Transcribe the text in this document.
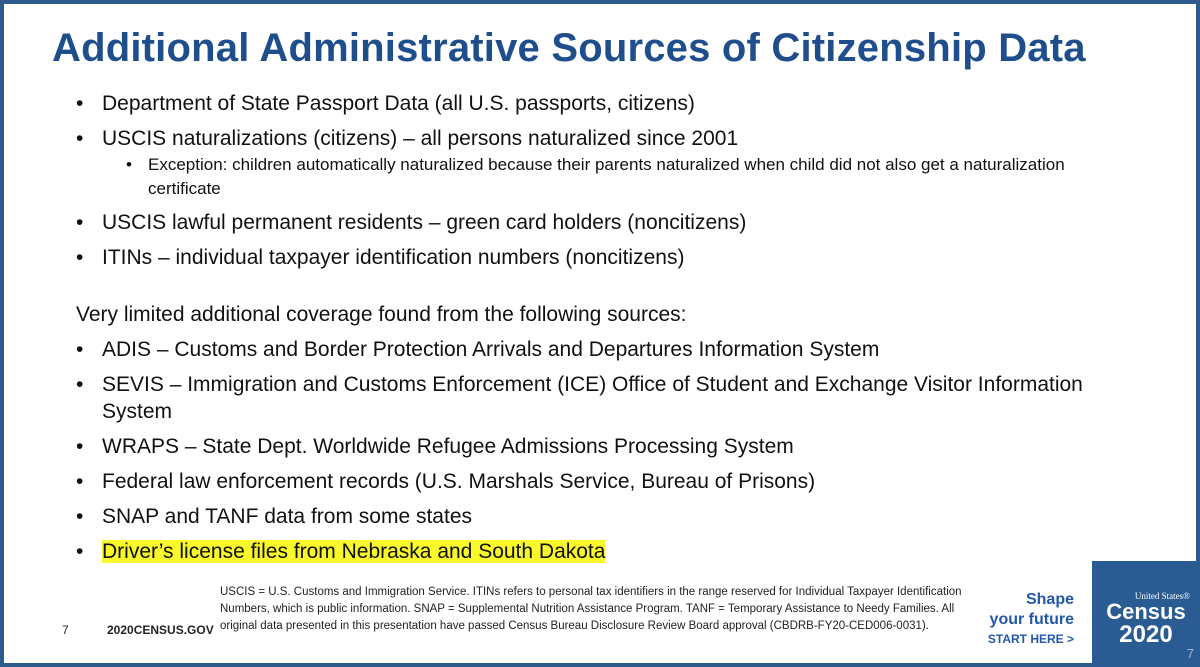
Additional Administrative Sources of Citizenship Data
• Department of State Passport Data (all U.S. passports, citizens)
• USCIS naturalizations (citizens) – all persons naturalized since 2001
• Exception: children automatically naturalized because their parents naturalized when child did not also get a naturalization certificate
• USCIS lawful permanent residents – green card holders (noncitizens)
• ITINs – individual taxpayer identification numbers (noncitizens)
Very limited additional coverage found from the following sources:
• ADIS – Customs and Border Protection Arrivals and Departures Information System
• SEVIS – Immigration and Customs Enforcement (ICE) Office of Student and Exchange Visitor Information System
• WRAPS – State Dept. Worldwide Refugee Admissions Processing System
• Federal law enforcement records (U.S. Marshals Service, Bureau of Prisons)
• SNAP and TANF data from some states
• Driver’s license files from Nebraska and South Dakota
7	2020CENSUS.GOV
USCIS = U.S. Customs and Immigration Service. ITINs refers to personal tax identifiers in the range reserved for Individual Taxpayer Identification Numbers, which is public information. SNAP = Supplemental Nutrition Assistance Program. TANF = Temporary Assistance to Needy Families. All original data presented in this presentation have passed Census Bureau Disclosure Review Board approval (CBDRB-FY20-CED006-0031).
Shape
your future
START HERE >
United States®
Census
2020
7
